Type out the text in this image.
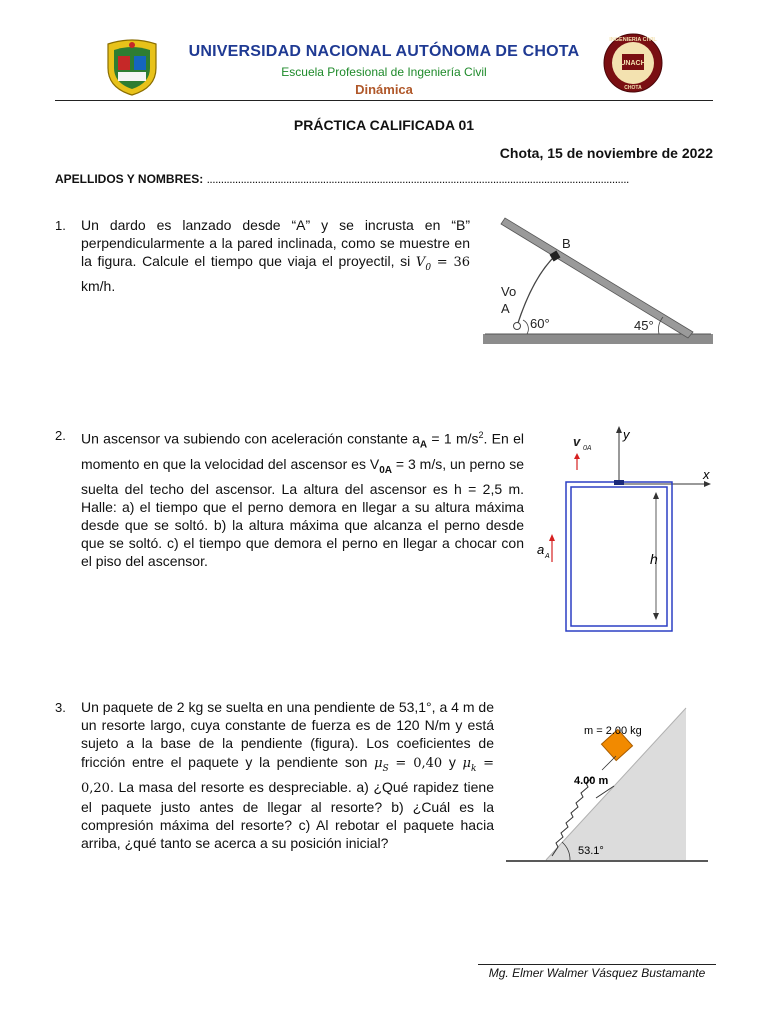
UNIVERSIDAD NACIONAL AUTÓNOMA DE CHOTA
Escuela Profesional de Ingeniería Civil
Dinámica
UNACH
INGENIERIA CIVIL
CHOTA
PRÁCTICA CALIFICADA 01
Chota, 15 de noviembre de 2022
APELLIDOS Y NOMBRES: .....................................................................................................................................................
1. Un dardo es lanzado desde “A” y se incrusta en “B” perpendicularmente a la pared inclinada, como se muestre en la figura. Calcule el tiempo que viaja el proyectil, si $V_0 = 36$ km/h.
B
Vo
A
60°	45°
2. Un ascensor va subiendo con aceleración constante $a_A = 1$ $m/s^2$. En el momento en que la velocidad del ascensor es $V_{0A} = 3$ m/s, un perno se suelta del techo del ascensor. La altura del ascensor es h = 2,5 m. Halle: a) el tiempo que el perno demora en llegar a su altura máxima desde que se soltó. b) la altura máxima que alcanza el perno desde que se soltó. c) el tiempo que demora el perno en llegar a chocar con el piso del ascensor.
y
x
v 0A
h
a A
3. Un paquete de 2 kg se suelta en una pendiente de 53,1°, a 4 m de un resorte largo, cuya constante de fuerza es de 120 N/m y está sujeto a la base de la pendiente (figura). Los coeficientes de fricción entre el paquete y la pendiente son $\mu_S = 0,40$ y $\mu_k = 0,20$. La masa del resorte es despreciable. a) ¿Qué rapidez tiene el paquete justo antes de llegar al resorte? b) ¿Cuál es la compresión máxima del resorte? c) Al rebotar el paquete hacia arriba, ¿qué tanto se acerca a su posición inicial?
4.00 m
m = 2.00 kg
53.1°
Mg. Elmer Walmer Vásquez Bustamante
